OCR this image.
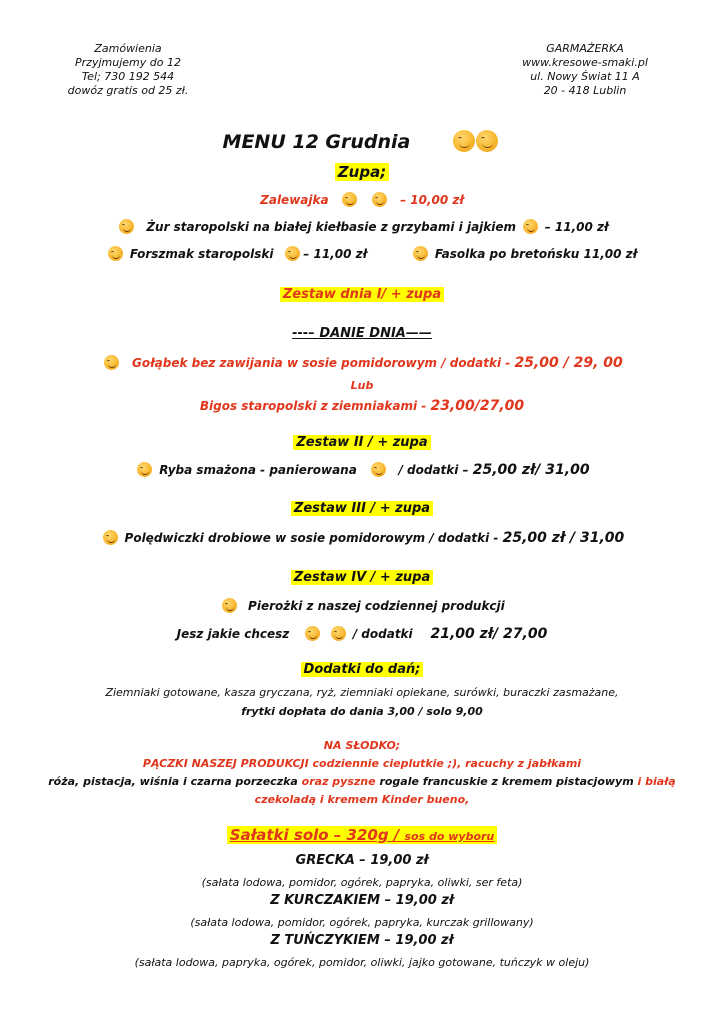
Zamówienia
Przyjmujemy do 12
Tel; 730 192 544
dowóz gratis od 25 zł.
GARMAŻERKA
www.kresowe-smaki.pl
ul. Nowy Świat 11 A
20 - 418 Lublin
MENU 12 Grudnia
Zupa;
Zalewajka	– 10,00 zł
Żur staropolski na białej kiełbasie z grzybami i jajkiem – 11,00 zł
Forszmak staropolski – 11,00 zł	Fasolka po bretońsku 11,00 zł
Zestaw dnia I/ + zupa
---– DANIE DNIA——
Gołąbek bez zawijania w sosie pomidorowym / dodatki - 25,00 / 29, 00
Lub
Bigos staropolski z ziemniakami - 23,00/27,00
Zestaw II / + zupa
Ryba smażona - panierowana	/ dodatki – 25,00 zł/ 31,00
Zestaw III / + zupa
Polędwiczki drobiowe w sosie pomidorowym / dodatki - 25,00 zł / 31,00
Zestaw IV / + zupa
Pierożki z naszej codziennej produkcji
Jesz jakie chcesz	/ dodatki 21,00 zł/ 27,00
Dodatki do dań;
Ziemniaki gotowane, kasza gryczana, ryż, ziemniaki opiekane, surówki, buraczki zasmażane,
frytki dopłata do dania 3,00 / solo 9,00
NA SŁODKO;
PĄCZKI NASZEJ PRODUKCJI codziennie cieplutkie ;), racuchy z jabłkami
róża, pistacja, wiśnia i czarna porzeczka oraz pyszne rogale francuskie z kremem pistacjowym i białą
czekoladą i kremem Kinder bueno,
Sałatki solo – 320g / sos do wyboru
GRECKA – 19,00 zł
(sałata lodowa, pomidor, ogórek, papryka, oliwki, ser feta)
Z KURCZAKIEM – 19,00 zł
(sałata lodowa, pomidor, ogórek, papryka, kurczak grillowany)
Z TUŃCZYKIEM – 19,00 zł
(sałata lodowa, papryka, ogórek, pomidor, oliwki, jajko gotowane, tuńczyk w oleju)
